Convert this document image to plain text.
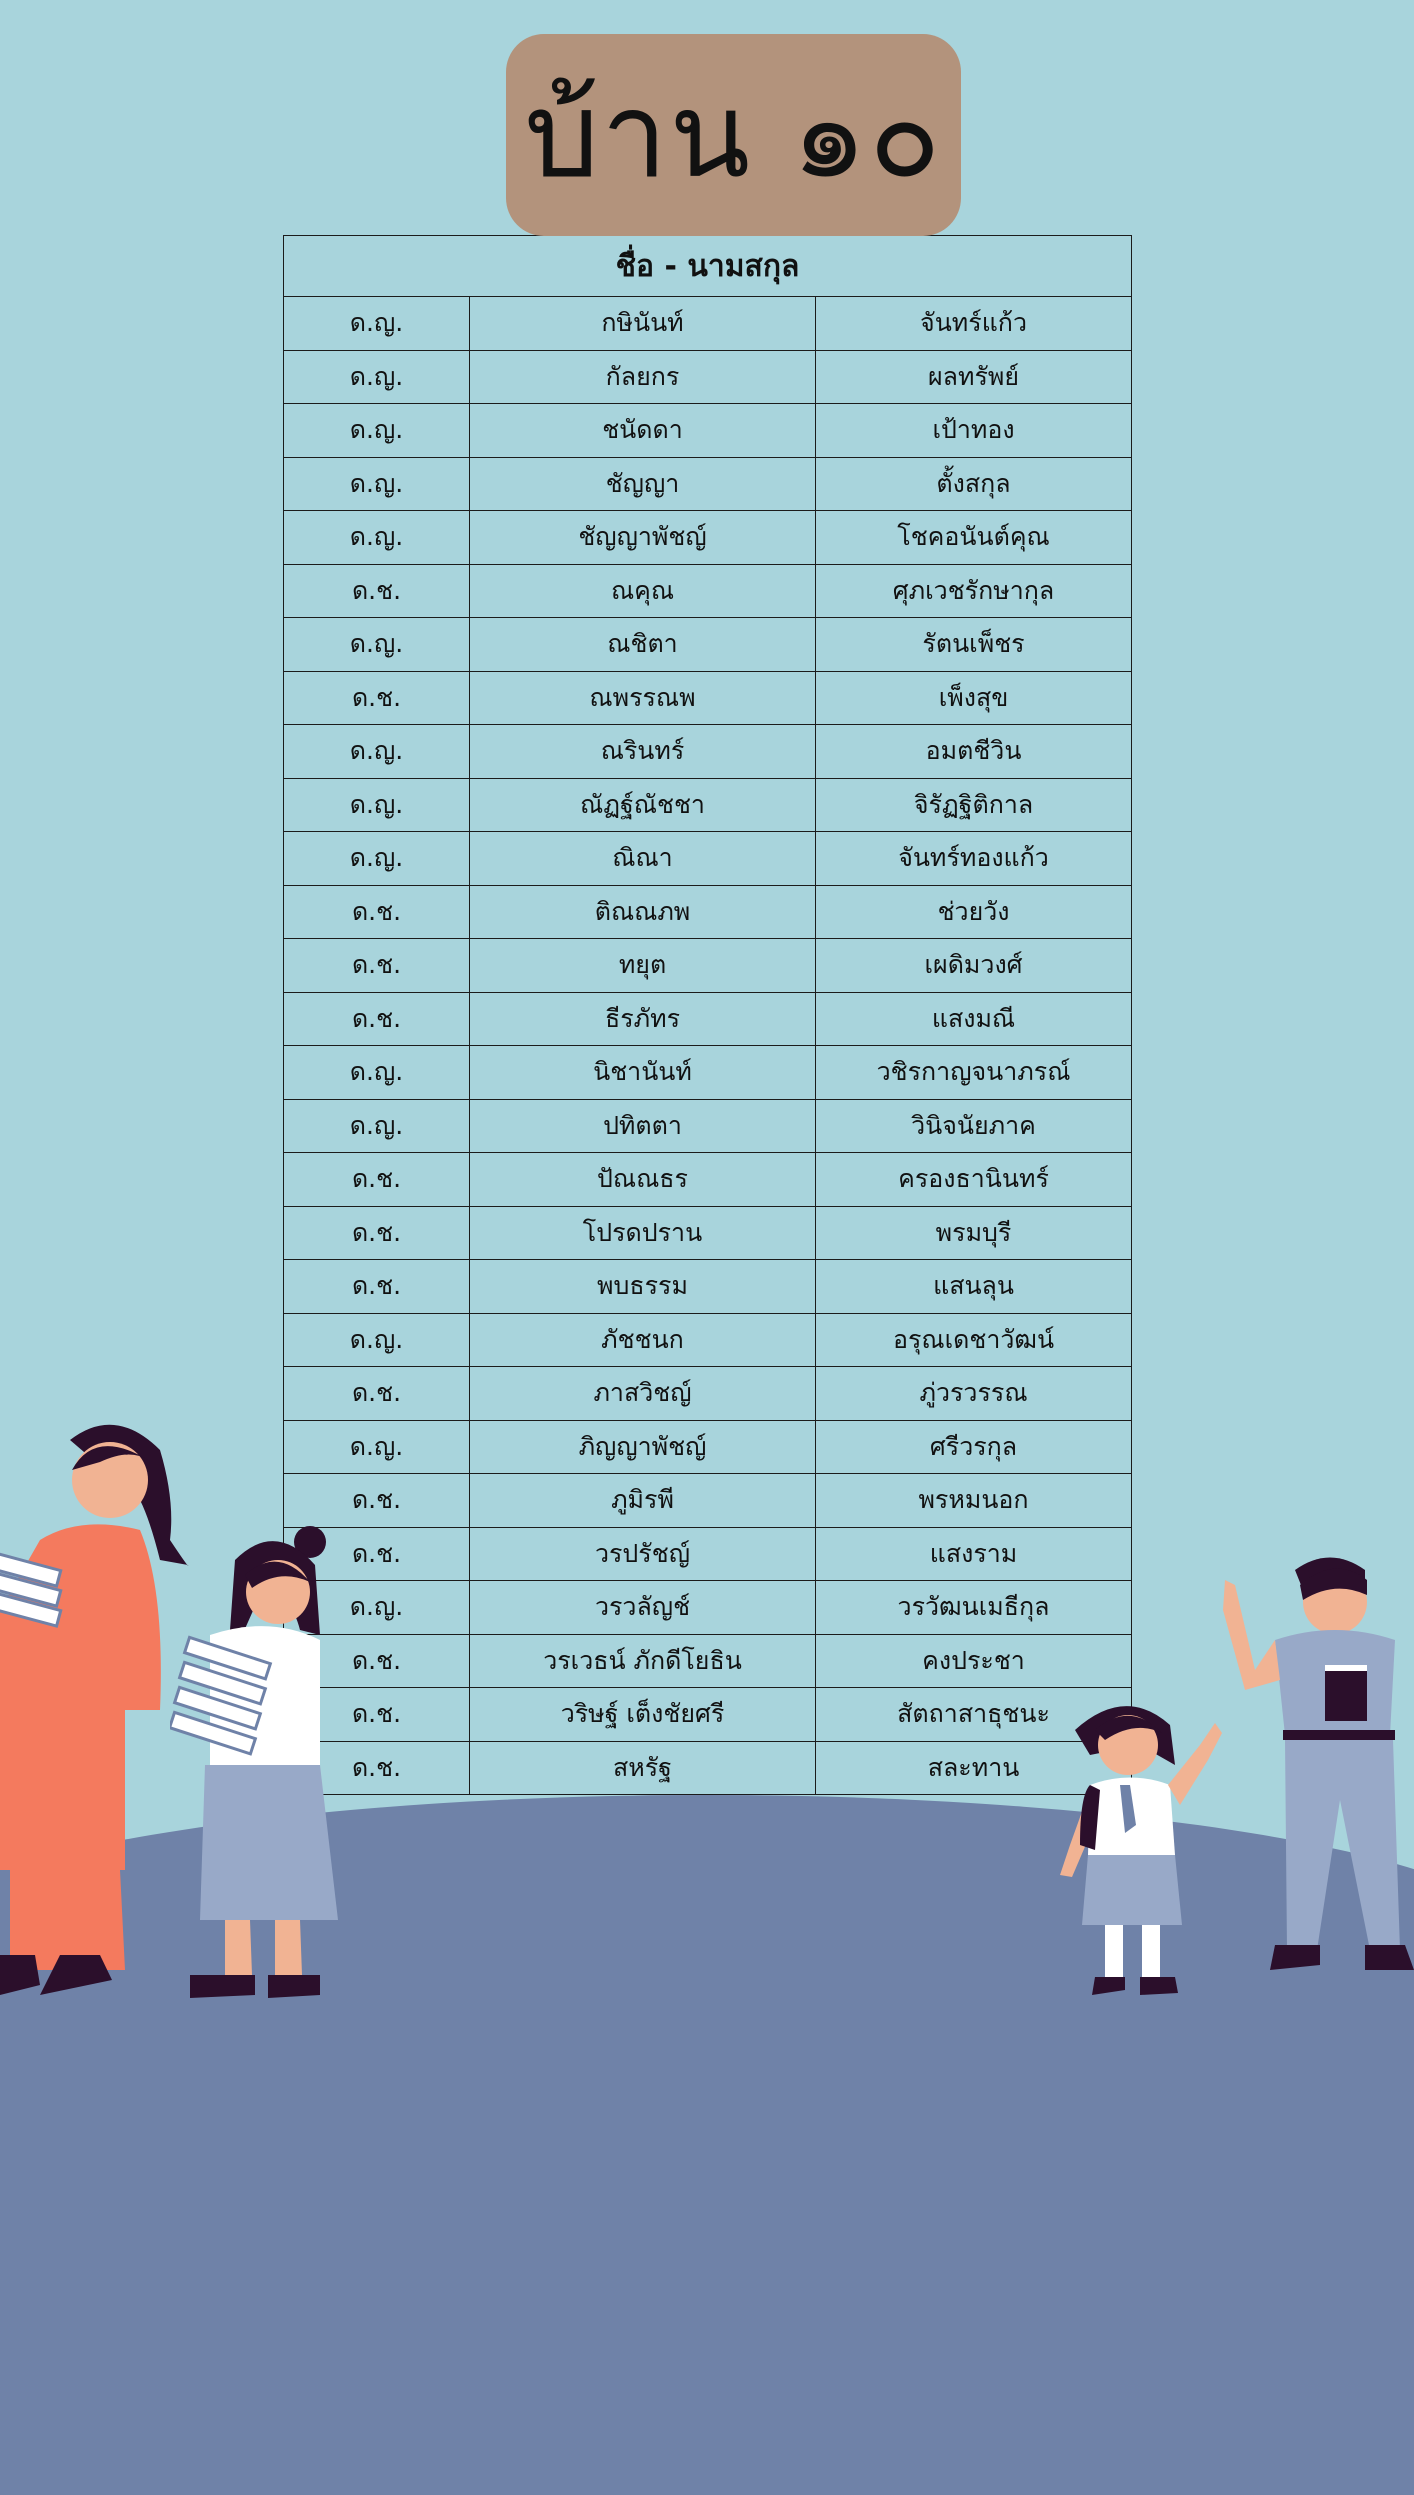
บ้าน ๑๐
ชื่อ - นามสกุล		
ด.ญ.	กษินันท์	จันทร์แก้ว
ด.ญ.	กัลยกร	ผลทรัพย์
ด.ญ.	ชนัดดา	เป้าทอง
ด.ญ.	ชัญญา	ตั้งสกุล
ด.ญ.	ชัญญาพัชญ์	โชคอนันต์คุณ
ด.ช.	ณคุณ	ศุภเวชรักษากุล
ด.ญ.	ณชิตา	รัตนเพ็ชร
ด.ช.	ณพรรณพ	เพ็งสุข
ด.ญ.	ณรินทร์	อมตชีวิน
ด.ญ.	ณัฏฐ์ณัชชา	จิรัฏฐิติกาล
ด.ญ.	ณิณา	จันทร์ทองแก้ว
ด.ช.	ติณณภพ	ช่วยวัง
ด.ช.	ทยุต	เผดิมวงศ์
ด.ช.	ธีรภัทร	แสงมณี
ด.ญ.	นิชานันท์	วชิรกาญจนาภรณ์
ด.ญ.	ปทิตตา	วินิจนัยภาค
ด.ช.	ปัณณธร	ครองธานินทร์
ด.ช.	โปรดปราน	พรมบุรี
ด.ช.	พบธรรม	แสนลุน
ด.ญ.	ภัชชนก	อรุณเดชาวัฒน์
ด.ช.	ภาสวิชญ์	ภู่วรวรรณ
ด.ญ.	ภิญญาพัชญ์	ศรีวรกุล
ด.ช.	ภูมิรพี	พรหมนอก
ด.ช.	วรปรัชญ์	แสงราม
ด.ญ.	วรวลัญช์	วรวัฒนเมธีกุล
ด.ช.	วรเวธน์ ภักดีโยธิน	คงประชา
ด.ช.	วริษฐ์ เต็งชัยศรี	สัตถาสาธุชนะ
ด.ช.	สหรัฐ	สละทาน
